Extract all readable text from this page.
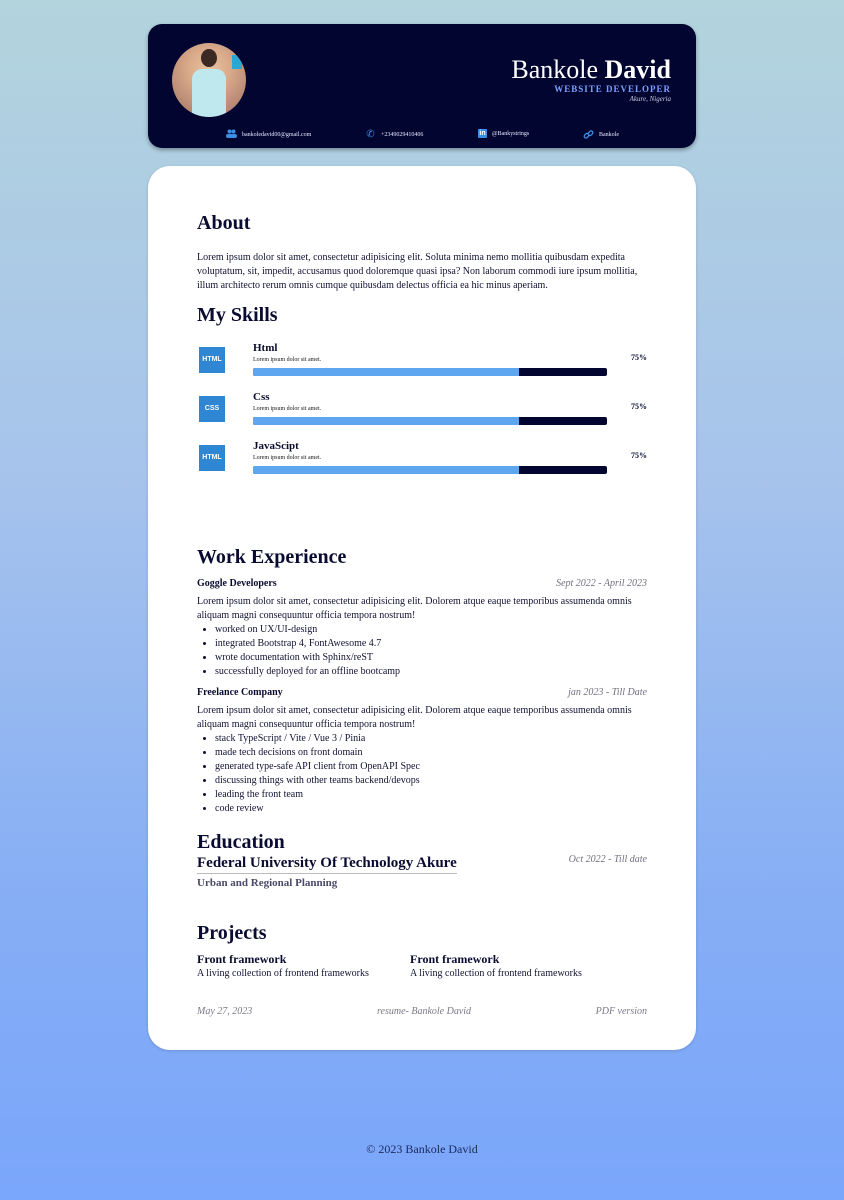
Bankole David
WEBSITE DEVELOPER
Akure, Nigeria
bankoledavid00@gmail.com	✆ +2349029410406	in @Bankystrings	Bankole
About
Lorem ipsum dolor sit amet, consectetur adipisicing elit. Soluta minima nemo mollitia quibusdam expedita voluptatum, sit, impedit, accusamus quod doloremque quasi ipsa? Non laborum commodi iure ipsum mollitia, illum architecto rerum omnis cumque quibusdam delectus officia ea hic minus aperiam.
My Skills
HTML
Html
Lorem ipsum dolor sit amet.	75%
CSS
Css
Lorem ipsum dolor sit amet.	75%
HTML
JavaScipt
Lorem ipsum dolor sit amet.	75%
Work Experience
Goggle Developers	Sept 2022 - April 2023
Lorem ipsum dolor sit amet, consectetur adipisicing elit. Dolorem atque eaque temporibus assumenda omnis aliquam magni consequuntur officia tempora nostrum!
• worked on UX/UI-design
• integrated Bootstrap 4, FontAwesome 4.7
• wrote documentation with Sphinx/reST
• successfully deployed for an offline bootcamp
Freelance Company	jan 2023 - Till Date
Lorem ipsum dolor sit amet, consectetur adipisicing elit. Dolorem atque eaque temporibus assumenda omnis aliquam magni consequuntur officia tempora nostrum!
• stack TypeScript / Vite / Vue 3 / Pinia
• made tech decisions on front domain
• generated type-safe API client from OpenAPI Spec
• discussing things with other teams backend/devops
• leading the front team
• code review
Education
Federal University Of Technology Akure	Oct 2022 - Till date
Urban and Regional Planning
Projects
Front framework
A living collection of frontend frameworks
Front framework
A living collection of frontend frameworks
May 27, 2023	resume- Bankole David	PDF version
© 2023 Bankole David
